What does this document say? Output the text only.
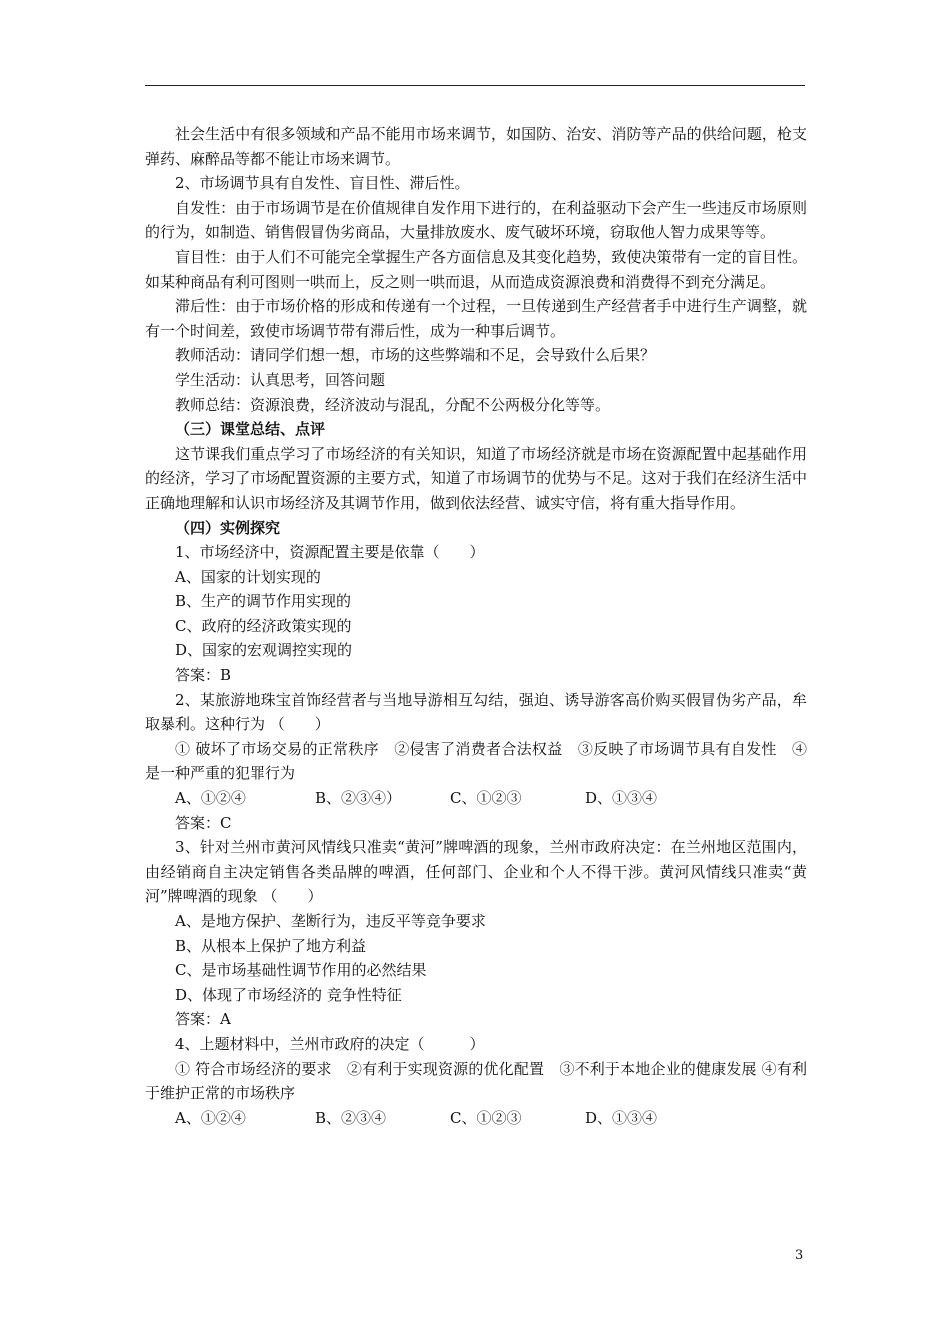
社会生活中有很多领域和产品不能用市场来调节，如国防、治安、消防等产品的供给问题，枪支弹药、麻醉品等都不能让市场来调节。

2、市场调节具有自发性、盲目性、滞后性。

自发性：由于市场调节是在价值规律自发作用下进行的，在利益驱动下会产生一些违反市场原则的行为，如制造、销售假冒伪劣商品，大量排放废水、废气破坏环境，窃取他人智力成果等等。

盲目性：由于人们不可能完全掌握生产各方面信息及其变化趋势，致使决策带有一定的盲目性。如某种商品有利可图则一哄而上，反之则一哄而退，从而造成资源浪费和消费得不到充分满足。

滞后性：由于市场价格的形成和传递有一个过程，一旦传递到生产经营者手中进行生产调整，就有一个时间差，致使市场调节带有滞后性，成为一种事后调节。

教师活动：请同学们想一想，市场的这些弊端和不足，会导致什么后果？

学生活动：认真思考，回答问题

教师总结：资源浪费，经济波动与混乱，分配不公两极分化等等。

（三）课堂总结、点评

这节课我们重点学习了市场经济的有关知识，知道了市场经济就是市场在资源配置中起基础作用的经济，学习了市场配置资源的主要方式，知道了市场调节的优势与不足。这对于我们在经济生活中正确地理解和认识市场经济及其调节作用，做到依法经营、诚实守信，将有重大指导作用。

（四）实例探究

1、市场经济中，资源配置主要是依靠（　　）

A、国家的计划实现的

B、生产的调节作用实现的

C、政府的经济政策实现的

D、国家的宏观调控实现的

答案：B

2、某旅游地珠宝首饰经营者与当地导游相互勾结，强迫、诱导游客高价购买假冒伪劣产品，牟取暴利。这种行为 （　　）

① 破坏了市场交易的正常秩序　②侵害了消费者合法权益　③反映了市场调节具有自发性　④是一种严重的犯罪行为

A、①②④	B、②③④）	C、①②③	D、①③④

答案：C

3、针对兰州市黄河风情线只准卖“黄河”牌啤酒的现象，兰州市政府决定：在兰州地区范围内，由经销商自主决定销售各类品牌的啤酒，任何部门、企业和个人不得干涉。黄河风情线只准卖“黄河”牌啤酒的现象 （　　）

A、是地方保护、垄断行为，违反平等竞争要求

B、从根本上保护了地方利益

C、是市场基础性调节作用的必然结果

D、体现了市场经济的 竞争性特征

答案：A

4、上题材料中，兰州市政府的决定（　　　）

① 符合市场经济的要求　②有利于实现资源的优化配置　③不利于本地企业的健康发展 ④有利于维护正常的市场秩序

A、①②④	B、②③④	C、①②③	D、①③④
3
